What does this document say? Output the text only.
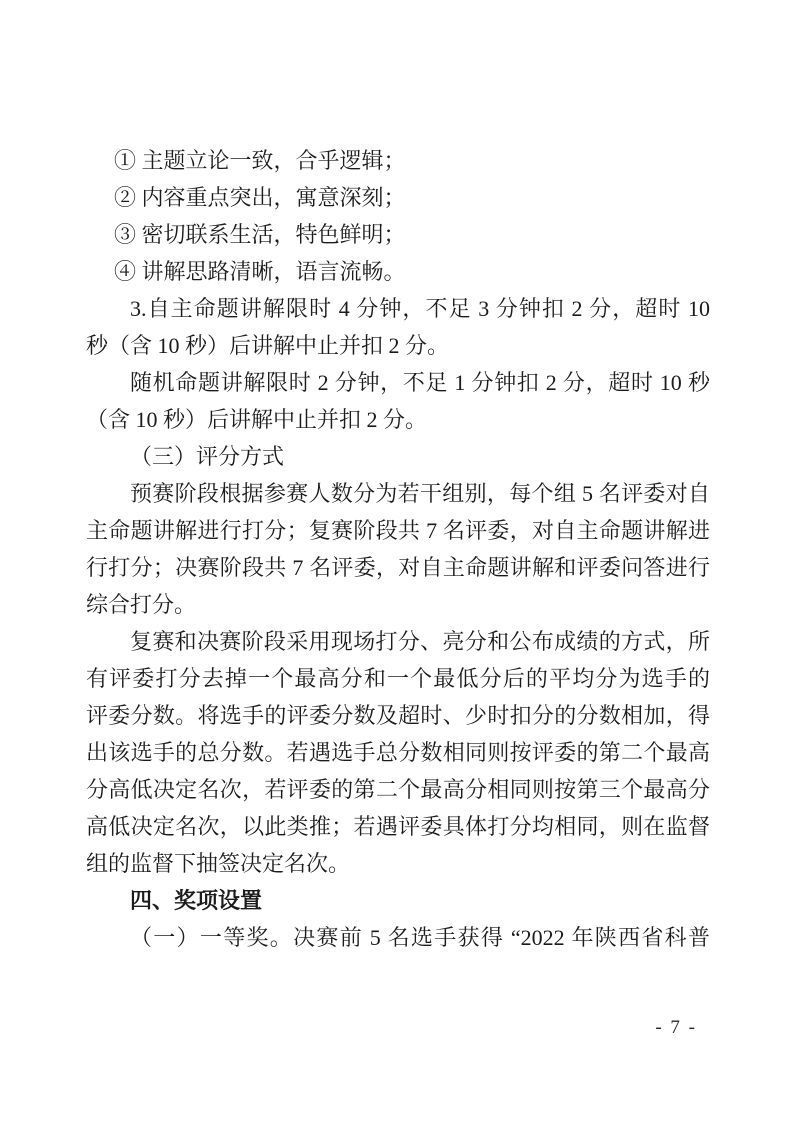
① 主题立论一致，合乎逻辑；
② 内容重点突出，寓意深刻；
③ 密切联系生活，特色鲜明；
④ 讲解思路清晰，语言流畅。
3.自主命题讲解限时 4 分钟，不足 3 分钟扣 2 分，超时 10
秒（含 10 秒）后讲解中止并扣 2 分。
随机命题讲解限时 2 分钟，不足 1 分钟扣 2 分，超时 10 秒
（含 10 秒）后讲解中止并扣 2 分。
（三）评分方式
预赛阶段根据参赛人数分为若干组别，每个组 5 名评委对自
主命题讲解进行打分；复赛阶段共 7 名评委，对自主命题讲解进
行打分；决赛阶段共 7 名评委，对自主命题讲解和评委问答进行
综合打分。
复赛和决赛阶段采用现场打分、亮分和公布成绩的方式，所
有评委打分去掉一个最高分和一个最低分后的平均分为选手的
评委分数。将选手的评委分数及超时、少时扣分的分数相加，得
出该选手的总分数。若遇选手总分数相同则按评委的第二个最高
分高低决定名次，若评委的第二个最高分相同则按第三个最高分
高低决定名次，以此类推；若遇评委具体打分均相同，则在监督
组的监督下抽签决定名次。
四、奖项设置
（一）一等奖。决赛前 5 名选手获得 “2022 年陕西省科普
- 7 -
